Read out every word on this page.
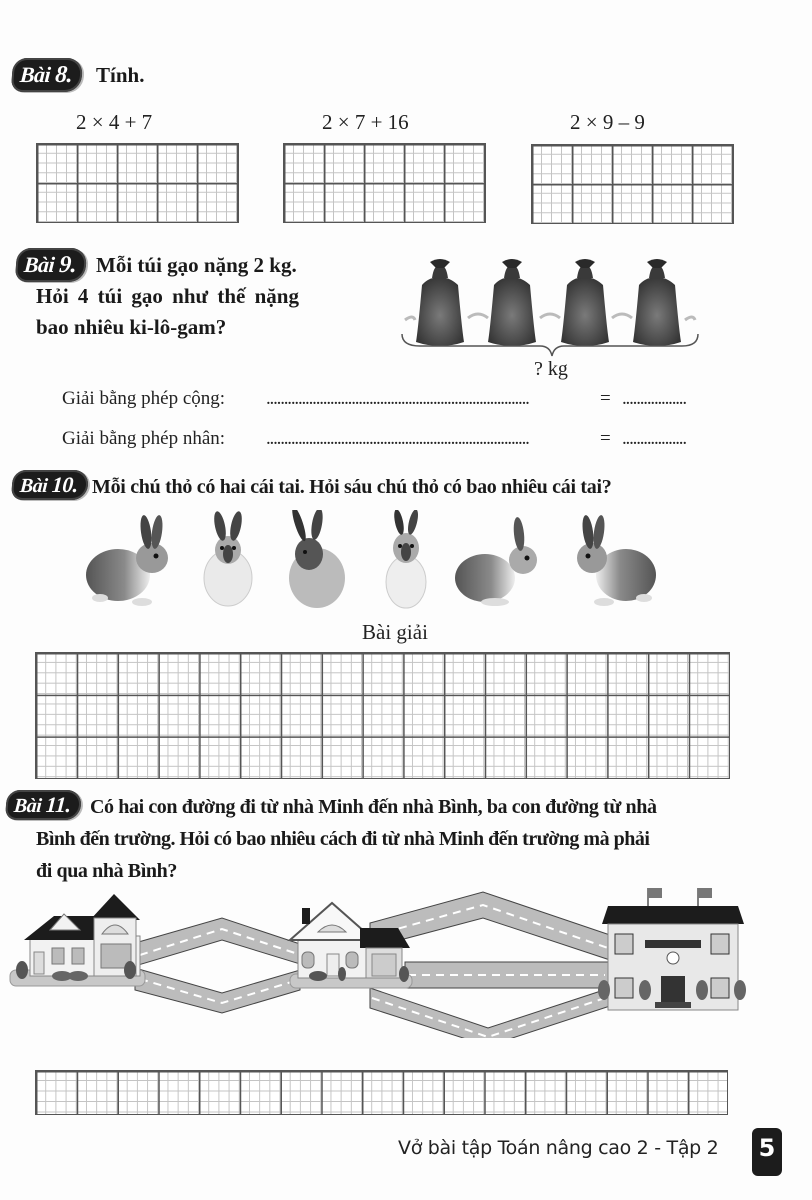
Bài 8.	Tính.
2 × 4 + 7	2 × 7 + 16	2 × 9 – 9
Bài 9. Mỗi túi gạo nặng 2 kg.
Hỏi 4 túi gạo như thế nặng
bao nhiêu ki-lô-gam?
? kg
Giải bằng phép cộng: ..........................................................................	= ..................
Giải bằng phép nhân: ..........................................................................	= ..................
Bài 10. Mỗi chú thỏ có hai cái tai. Hỏi sáu chú thỏ có bao nhiêu cái tai?
Bài giải
Bài 11. Có hai con đường đi từ nhà Minh đến nhà Bình, ba con đường từ nhà
Bình đến trường. Hỏi có bao nhiêu cách đi từ nhà Minh đến trường mà phải
đi qua nhà Bình?
Vở bài tập Toán nâng cao 2 - Tập 2 5
